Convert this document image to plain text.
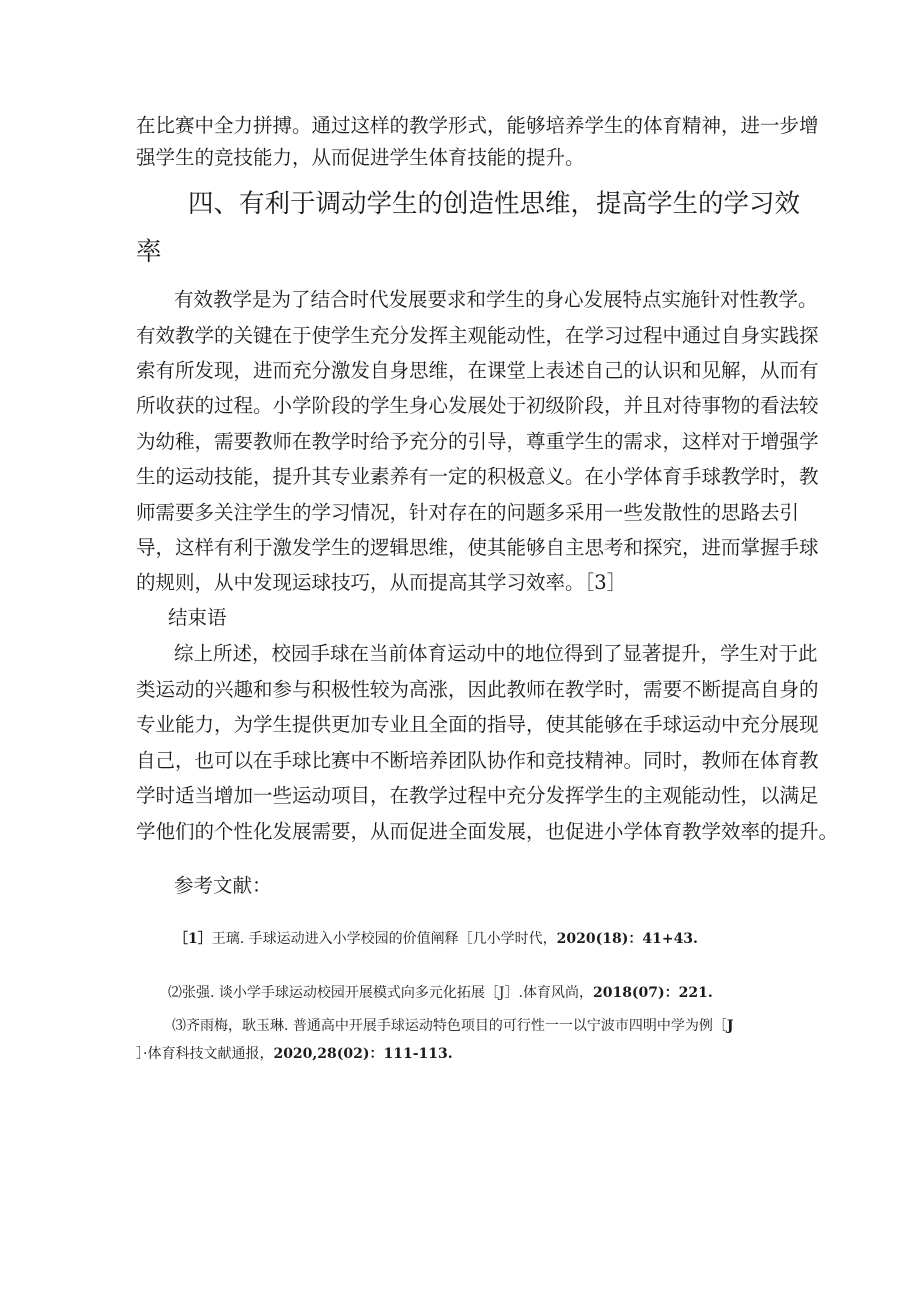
在比赛中全力拼搏。通过这样的教学形式，能够培养学生的体育精神，进一步增
强学生的竞技能力，从而促进学生体育技能的提升。
四、有利于调动学生的创造性思维，提高学生的学习效
率
有效教学是为了结合时代发展要求和学生的身心发展特点实施针对性教学。
有效教学的关键在于使学生充分发挥主观能动性，在学习过程中通过自身实践探
索有所发现，进而充分激发自身思维，在课堂上表述自己的认识和见解，从而有
所收获的过程。小学阶段的学生身心发展处于初级阶段，并且对待事物的看法较
为幼稚，需要教师在教学时给予充分的引导，尊重学生的需求，这样对于增强学
生的运动技能，提升其专业素养有一定的积极意义。在小学体育手球教学时，教
师需要多关注学生的学习情况，针对存在的问题多采用一些发散性的思路去引
导，这样有利于激发学生的逻辑思维，使其能够自主思考和探究，进而掌握手球
的规则，从中发现运球技巧，从而提高其学习效率。［3］
结束语
综上所述，校园手球在当前体育运动中的地位得到了显著提升，学生对于此
类运动的兴趣和参与积极性较为高涨，因此教师在教学时，需要不断提高自身的
专业能力，为学生提供更加专业且全面的指导，使其能够在手球运动中充分展现
自己，也可以在手球比赛中不断培养团队协作和竞技精神。同时，教师在体育教
学时适当增加一些运动项目，在教学过程中充分发挥学生的主观能动性，以满足
学他们的个性化发展需要，从而促进全面发展，也促进小学体育教学效率的提升。
参考文献：
［1］王璃. 手球运动进入小学校园的价值阐释［几小学时代，2020(18)：41+43.
⑵张强. 谈小学手球运动校园开展模式向多元化拓展［J］.体育风尚，2018(07)：221.
⑶齐雨梅，耿玉琳. 普通高中开展手球运动特色项目的可行性一一以宁波市四明中学为例［J
］·体育科技文献通报，2020,28(02)：111-113.
